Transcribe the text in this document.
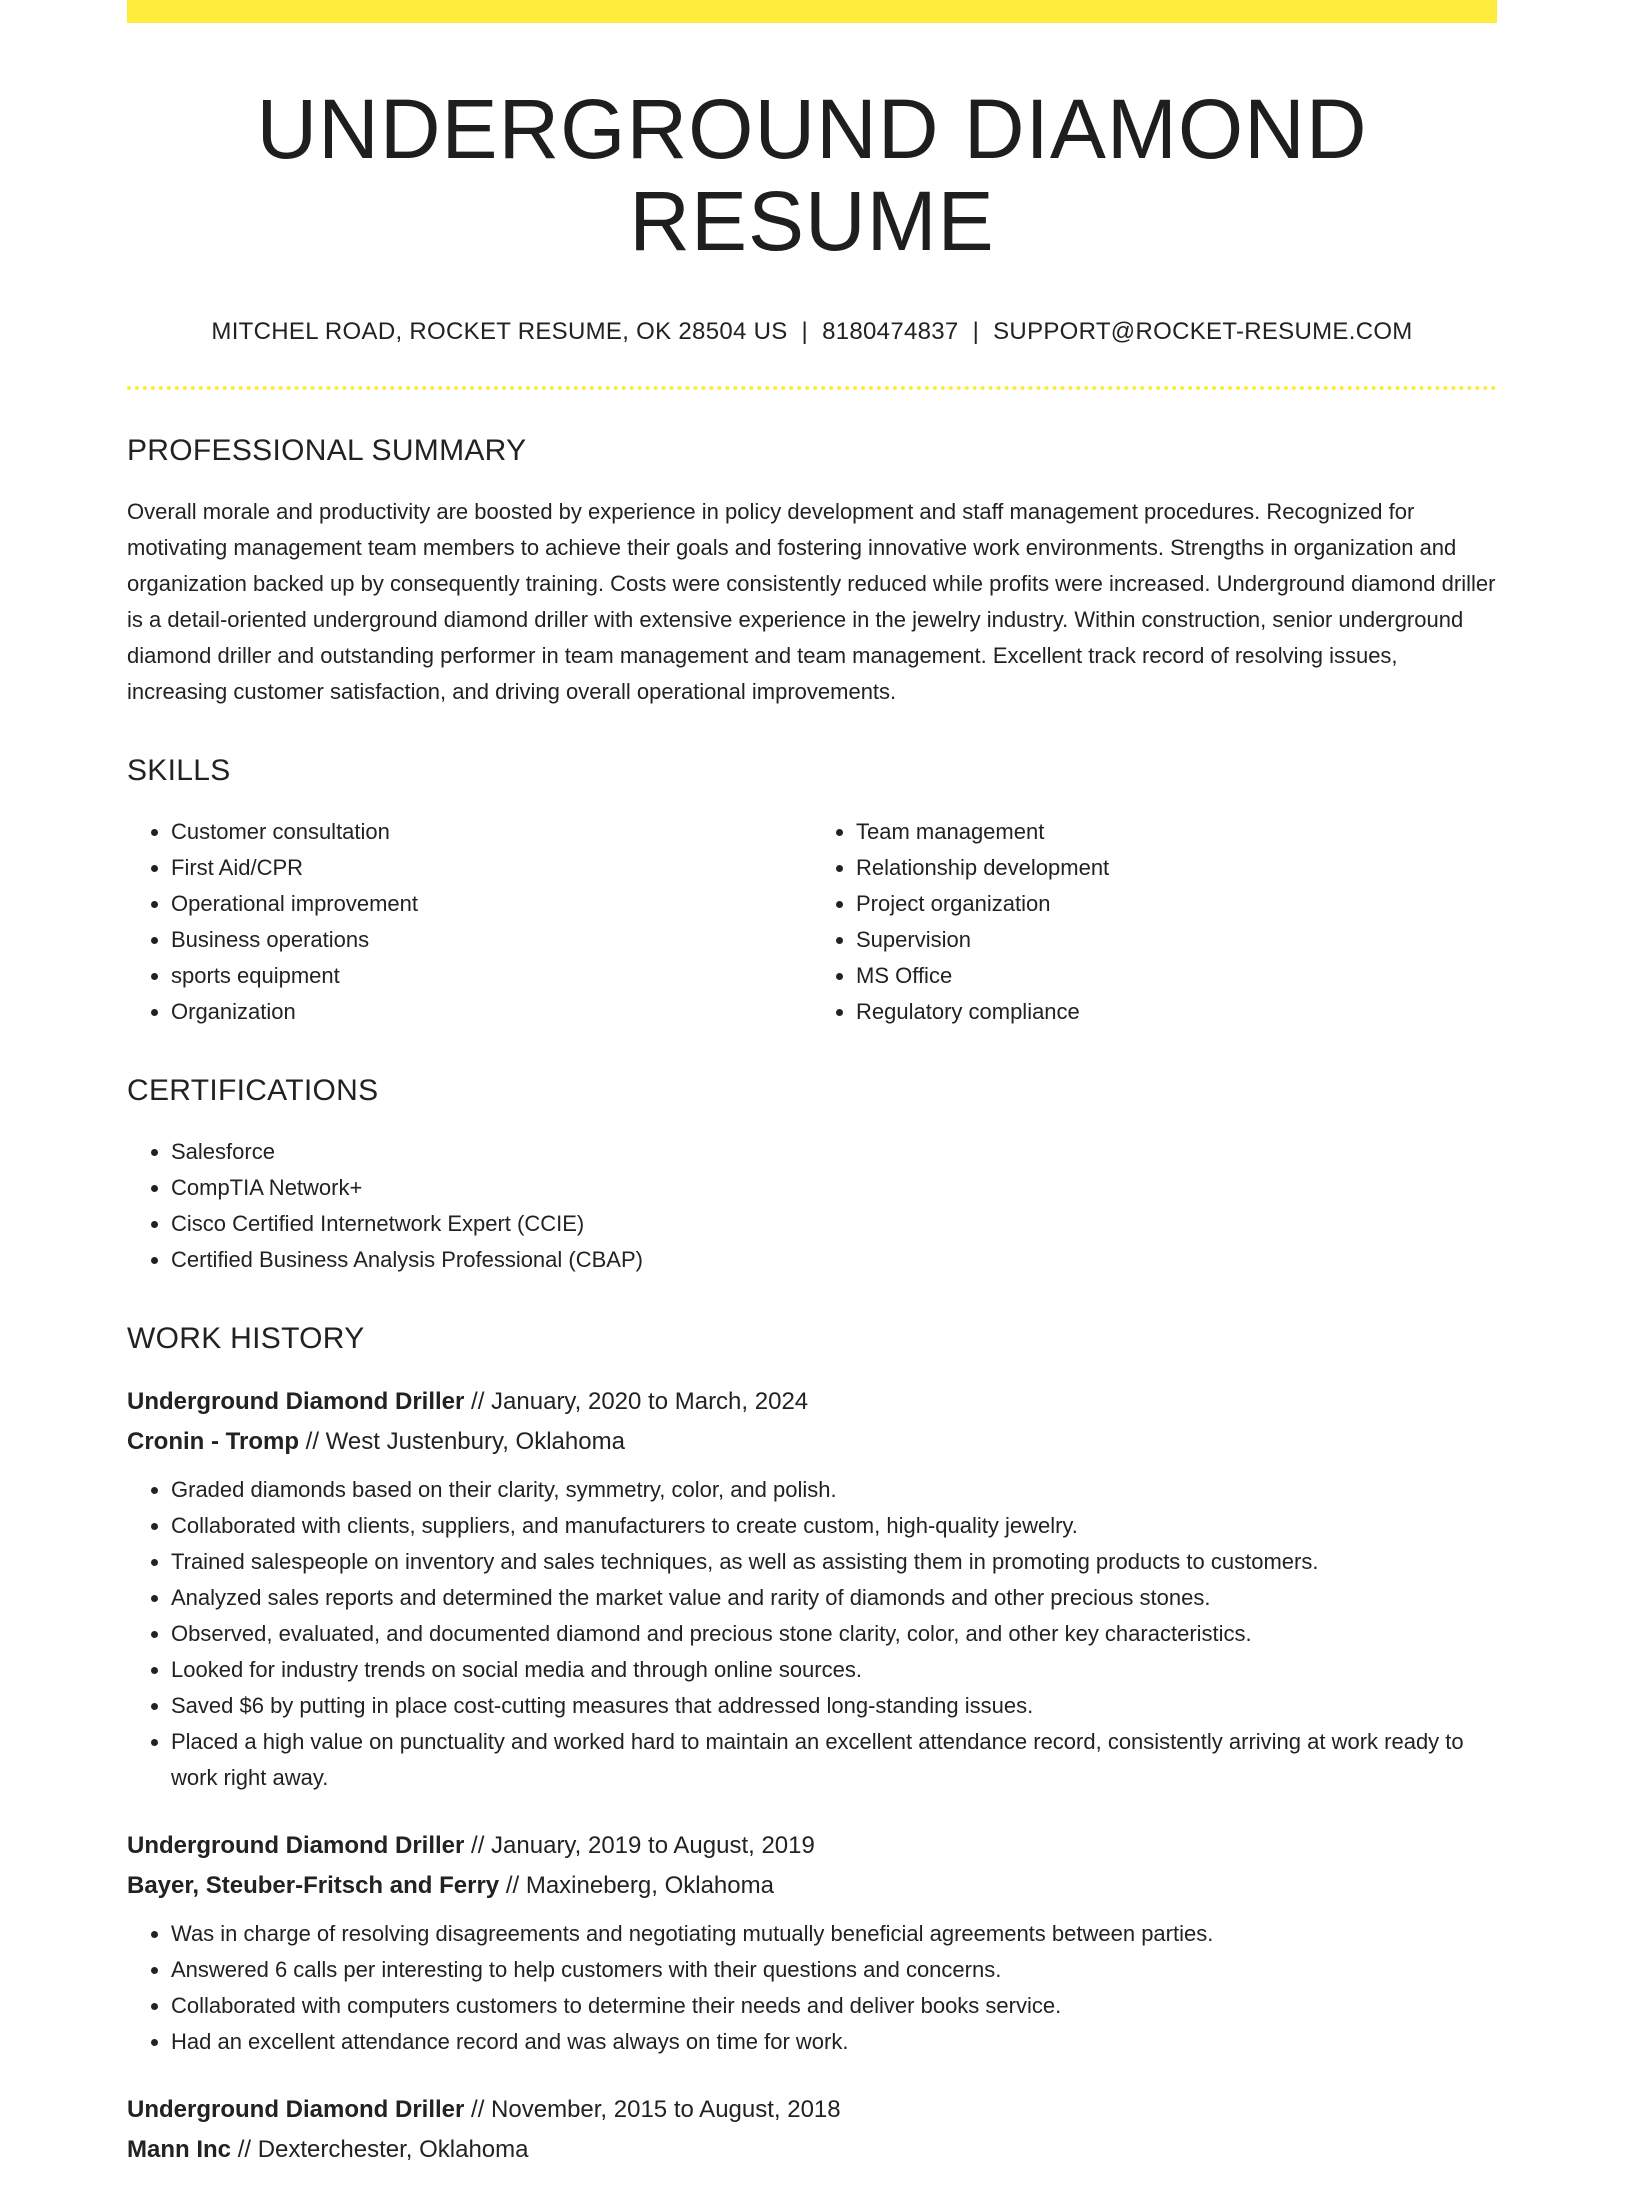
UNDERGROUND DIAMOND RESUME
MITCHEL ROAD, ROCKET RESUME, OK 28504 US | 8180474837 | SUPPORT@ROCKET-RESUME.COM
PROFESSIONAL SUMMARY

Overall morale and productivity are boosted by experience in policy development and staff management procedures. Recognized for motivating management team members to achieve their goals and fostering innovative work environments. Strengths in organization and organization backed up by consequently training. Costs were consistently reduced while profits were increased. Underground diamond driller is a detail-oriented underground diamond driller with extensive experience in the jewelry industry. Within construction, senior underground diamond driller and outstanding performer in team management and team management. Excellent track record of resolving issues, increasing customer satisfaction, and driving overall operational improvements.

SKILLS
• Customer consultation
• First Aid/CPR
• Operational improvement
• Business operations
• sports equipment
• Organization
• Team management
• Relationship development
• Project organization
• Supervision
• MS Office
• Regulatory compliance
CERTIFICATIONS
• Salesforce
• CompTIA Network+
• Cisco Certified Internetwork Expert (CCIE)
• Certified Business Analysis Professional (CBAP)
WORK HISTORY
Underground Diamond Driller // January, 2020 to March, 2024
Cronin - Tromp // West Justenbury, Oklahoma
• Graded diamonds based on their clarity, symmetry, color, and polish.
• Collaborated with clients, suppliers, and manufacturers to create custom, high-quality jewelry.
• Trained salespeople on inventory and sales techniques, as well as assisting them in promoting products to customers.
• Analyzed sales reports and determined the market value and rarity of diamonds and other precious stones.
• Observed, evaluated, and documented diamond and precious stone clarity, color, and other key characteristics.
• Looked for industry trends on social media and through online sources.
• Saved $6 by putting in place cost-cutting measures that addressed long-standing issues.
• Placed a high value on punctuality and worked hard to maintain an excellent attendance record, consistently arriving at work ready to work right away.
Underground Diamond Driller // January, 2019 to August, 2019
Bayer, Steuber-Fritsch and Ferry // Maxineberg, Oklahoma
• Was in charge of resolving disagreements and negotiating mutually beneficial agreements between parties.
• Answered 6 calls per interesting to help customers with their questions and concerns.
• Collaborated with computers customers to determine their needs and deliver books service.
• Had an excellent attendance record and was always on time for work.
Underground Diamond Driller // November, 2015 to August, 2018
Mann Inc // Dexterchester, Oklahoma
